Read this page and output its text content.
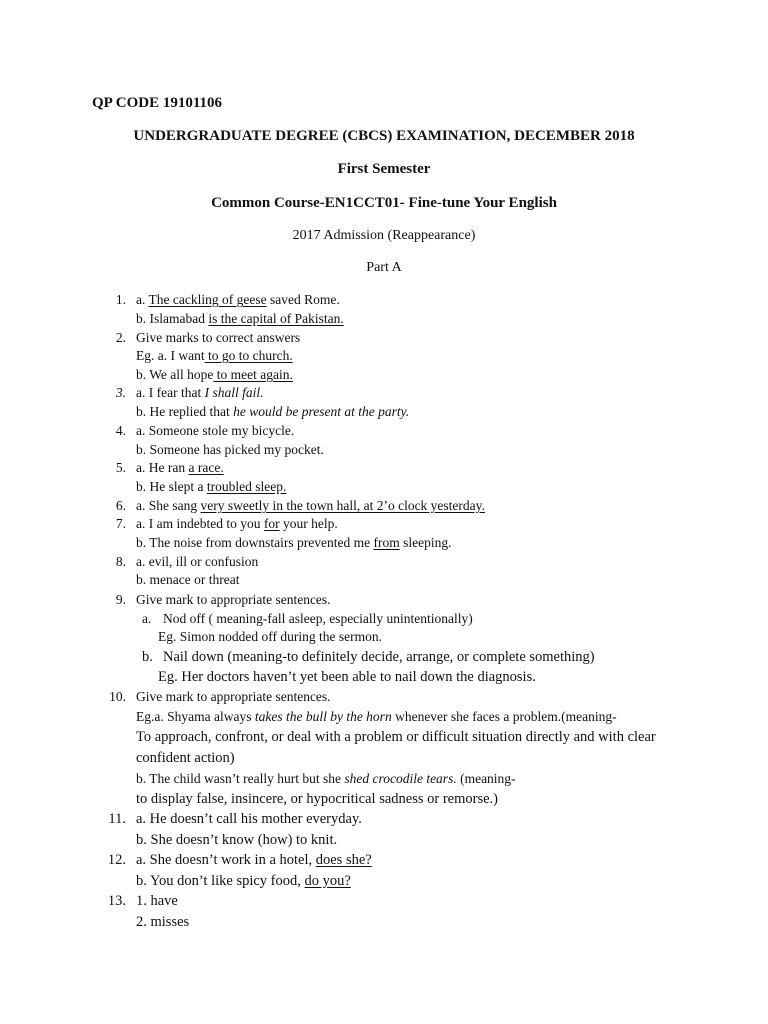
QP CODE 19101106
UNDERGRADUATE DEGREE (CBCS) EXAMINATION, DECEMBER 2018
First Semester
Common Course-EN1CCT01- Fine-tune Your English
2017 Admission (Reappearance)
Part A
1. a. The cackling of geese saved Rome.
b. Islamabad is the capital of Pakistan.
2. Give marks to correct answers
Eg. a. I want to go to church.
b. We all hope to meet again.
3. a. I fear that I shall fail.
b. He replied that he would be present at the party.
4. a. Someone stole my bicycle.
b. Someone has picked my pocket.
5. a. He ran a race.
b. He slept a troubled sleep.
6. a. She sang very sweetly in the town hall, at 2’o clock yesterday.
7. a. I am indebted to you for your help.
b. The noise from downstairs prevented me from sleeping.
8. a. evil, ill or confusion
b. menace or threat
9. Give mark to appropriate sentences.
a. Nod off ( meaning-fall asleep, especially unintentionally)
Eg. Simon nodded off during the sermon.
b. Nail down (meaning-to definitely decide, arrange, or complete something)
Eg. Her doctors haven’t yet been able to nail down the diagnosis.
10. Give mark to appropriate sentences.
Eg.a. Shyama always takes the bull by the horn whenever she faces a problem.(meaning-
To approach, confront, or deal with a problem or difficult situation directly and with clear
confident action)
b. The child wasn’t really hurt but she shed crocodile tears. (meaning-
to display false, insincere, or hypocritical sadness or remorse.)
11. a. He doesn’t call his mother everyday.
b. She doesn’t know (how) to knit.
12. a. She doesn’t work in a hotel, does she?
b. You don’t like spicy food, do you?
13. 1. have
2. misses
